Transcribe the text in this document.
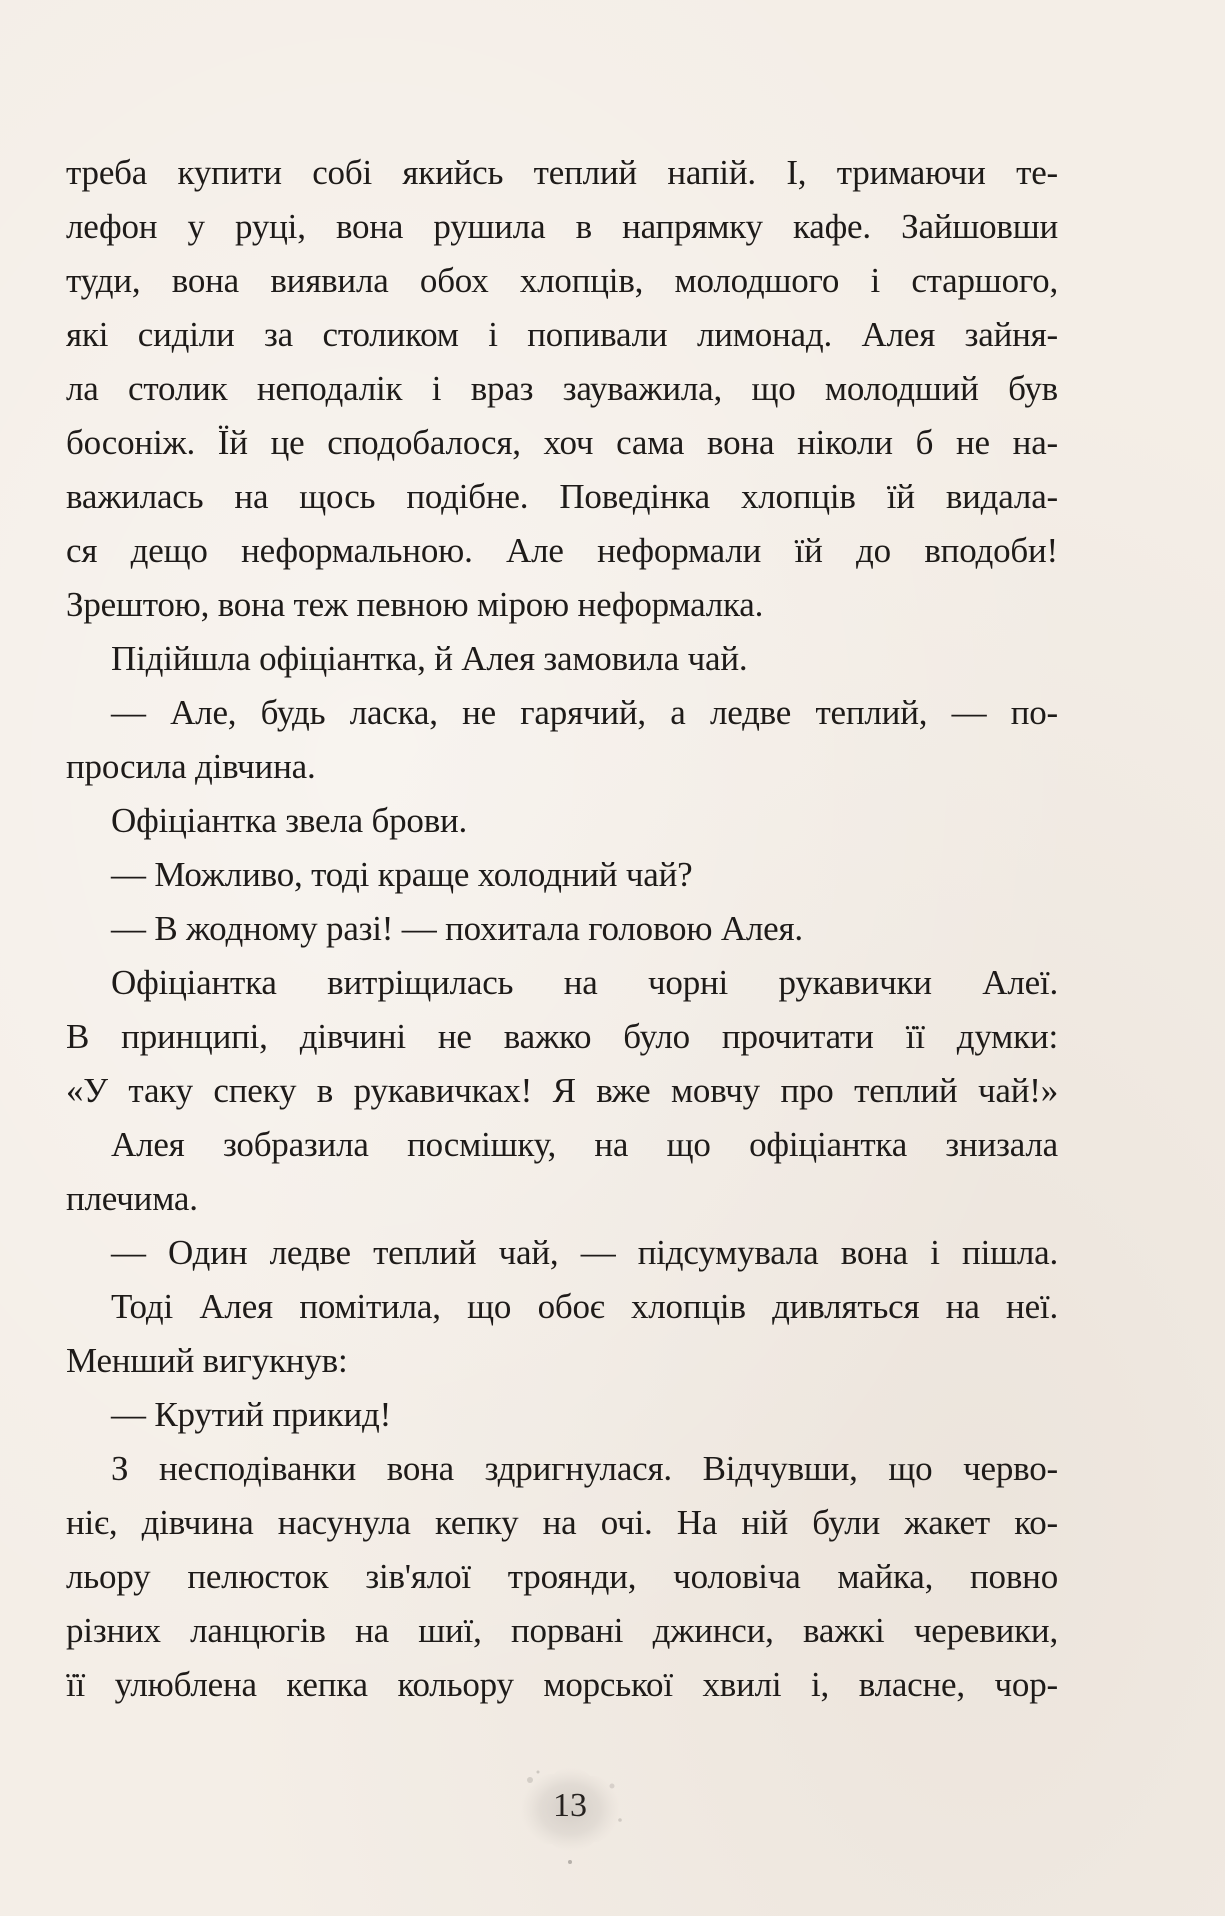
треба купити собі якийсь теплий напій. І, тримаючи те-
лефон у руці, вона рушила в напрямку кафе. Зайшовши
туди, вона виявила обох хлопців, молодшого і старшого,
які сиділи за столиком і попивали лимонад. Алея зайня-
ла столик неподалік і враз зауважила, що молодший був
босоніж. Їй це сподобалося, хоч сама вона ніколи б не на-
важилась на щось подібне. Поведінка хлопців їй видала-
ся дещо неформальною. Але неформали їй до вподоби!
Зрештою, вона теж певною мірою неформалка.
Підійшла офіціантка, й Алея замовила чай.
— Але, будь ласка, не гарячий, а ледве теплий, — по-
просила дівчина.
Офіціантка звела брови.
— Можливо, тоді краще холодний чай?
— В жодному разі! — похитала головою Алея.
Офіціантка витріщилась на чорні рукавички Алеї.
В принципі, дівчині не важко було прочитати її думки:
«У таку спеку в рукавичках! Я вже мовчу про теплий чай!»
Алея зобразила посмішку, на що офіціантка знизала
плечима.
— Один ледве теплий чай, — підсумувала вона і пішла.
Тоді Алея помітила, що обоє хлопців дивляться на неї.
Менший вигукнув:
— Крутий прикид!
З несподіванки вона здригнулася. Відчувши, що черво-
ніє, дівчина насунула кепку на очі. На ній були жакет ко-
льору пелюсток зів'ялої троянди, чоловіча майка, повно
різних ланцюгів на шиї, порвані джинси, важкі черевики,
її улюблена кепка кольору морської хвилі і, власне, чор-
13
